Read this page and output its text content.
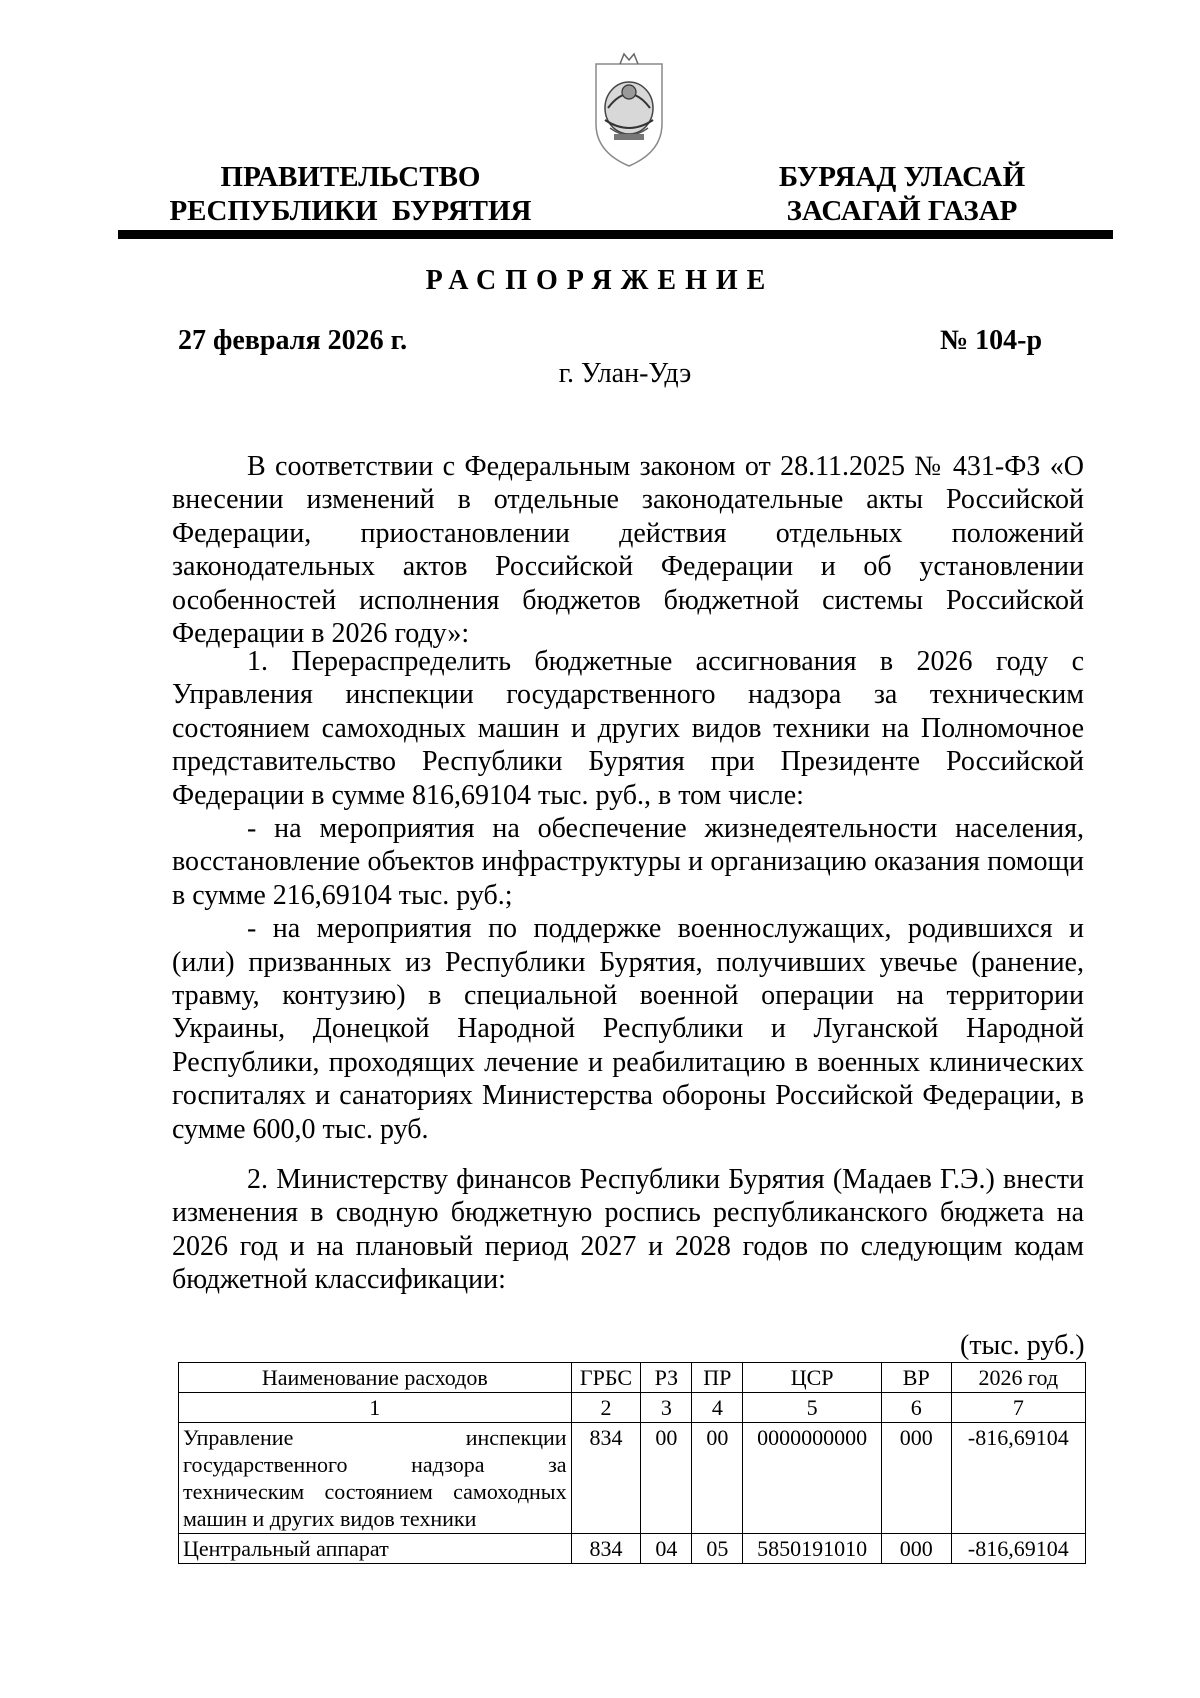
ПРАВИТЕЛЬСТВО
РЕСПУБЛИКИ  БУРЯТИЯ
БУРЯАД УЛАСАЙ
ЗАСАГАЙ ГАЗАР
РАСПОРЯЖЕНИЕ
27 февраля 2026 г.	№ 104-р
г. Улан-Удэ

В соответствии с Федеральным законом от 28.11.2025 № 431-ФЗ «О внесении изменений в отдельные законодательные акты Российской Федерации, приостановлении действия отдельных положений законодательных актов Российской Федерации и об установлении особенностей исполнения бюджетов бюджетной системы Российской Федерации в 2026 году»:

1. Перераспределить бюджетные ассигнования в 2026 году с Управления инспекции государственного надзора за техническим состоянием самоходных машин и других видов техники на Полномочное представительство Республики Бурятия при Президенте Российской Федерации в сумме 816,69104 тыс. руб., в том числе:

- на мероприятия на обеспечение жизнедеятельности населения, восстановление объектов инфраструктуры и организацию оказания помощи в сумме 216,69104 тыс. руб.;

- на мероприятия по поддержке военнослужащих, родившихся и (или) призванных из Республики Бурятия, получивших увечье (ранение, травму, контузию) в специальной военной операции на территории Украины, Донецкой Народной Республики и Луганской Народной Республики, проходящих лечение и реабилитацию в военных клинических госпиталях и санаториях Министерства обороны Российской Федерации, в сумме 600,0 тыс. руб.

2. Министерству финансов Республики Бурятия (Мадаев Г.Э.) внести изменения в сводную бюджетную роспись республиканского бюджета на 2026 год и на плановый период 2027 и 2028 годов по следующим кодам бюджетной классификации:

(тыс. руб.)
Наименование расходов	ГРБС	РЗ	ПР	ЦСР	ВР	2026 год
1	2	3	4	5	6	7
Управление инспекции государственного надзора за техническим состоянием самоходных машин и других видов техники	834	00	00	0000000000	000	-816,69104
Центральный аппарат	834	04	05	5850191010	000	-816,69104
